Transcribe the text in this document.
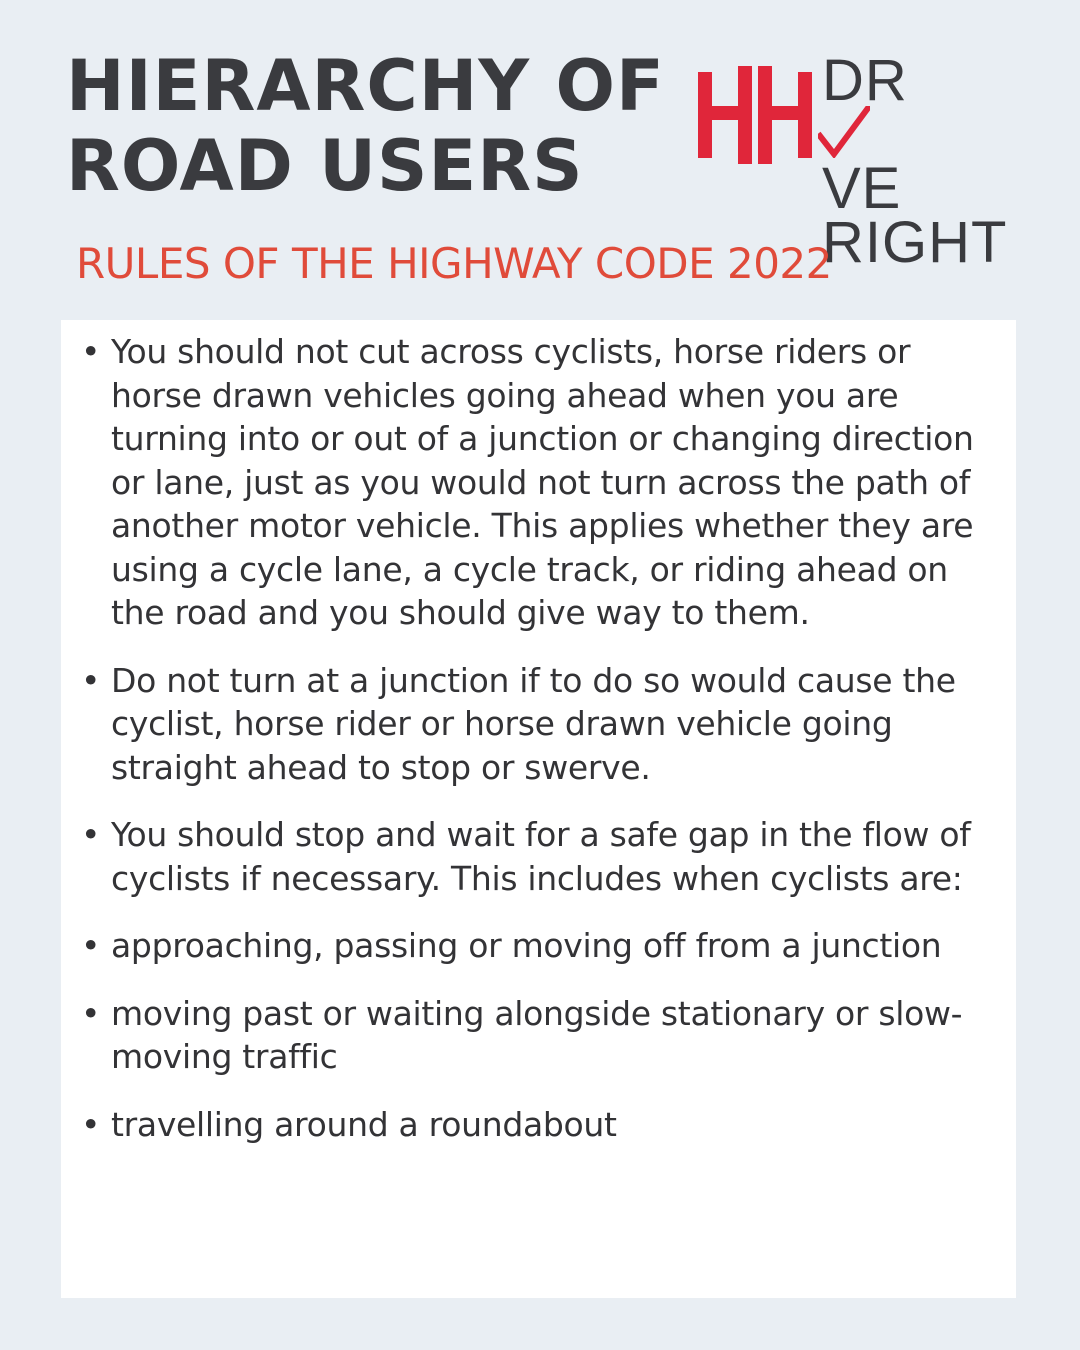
HIERARCHY OF
ROAD USERS
DR
VE
RIGHT
RULES OF THE HIGHWAY CODE 2022
• You should not cut across cyclists, horse riders or horse drawn vehicles going ahead when you are turning into or out of a junction or changing direction or lane, just as you would not turn across the path of another motor vehicle. This applies whether they are using a cycle lane, a cycle track, or riding ahead on the road and you should give way to them.
• Do not turn at a junction if to do so would cause the cyclist, horse rider or horse drawn vehicle going straight ahead to stop or swerve.
• You should stop and wait for a safe gap in the flow of cyclists if necessary. This includes when cyclists are:
• approaching, passing or moving off from a junction
• moving past or waiting alongside stationary or slow-moving traffic
• travelling around a roundabout
